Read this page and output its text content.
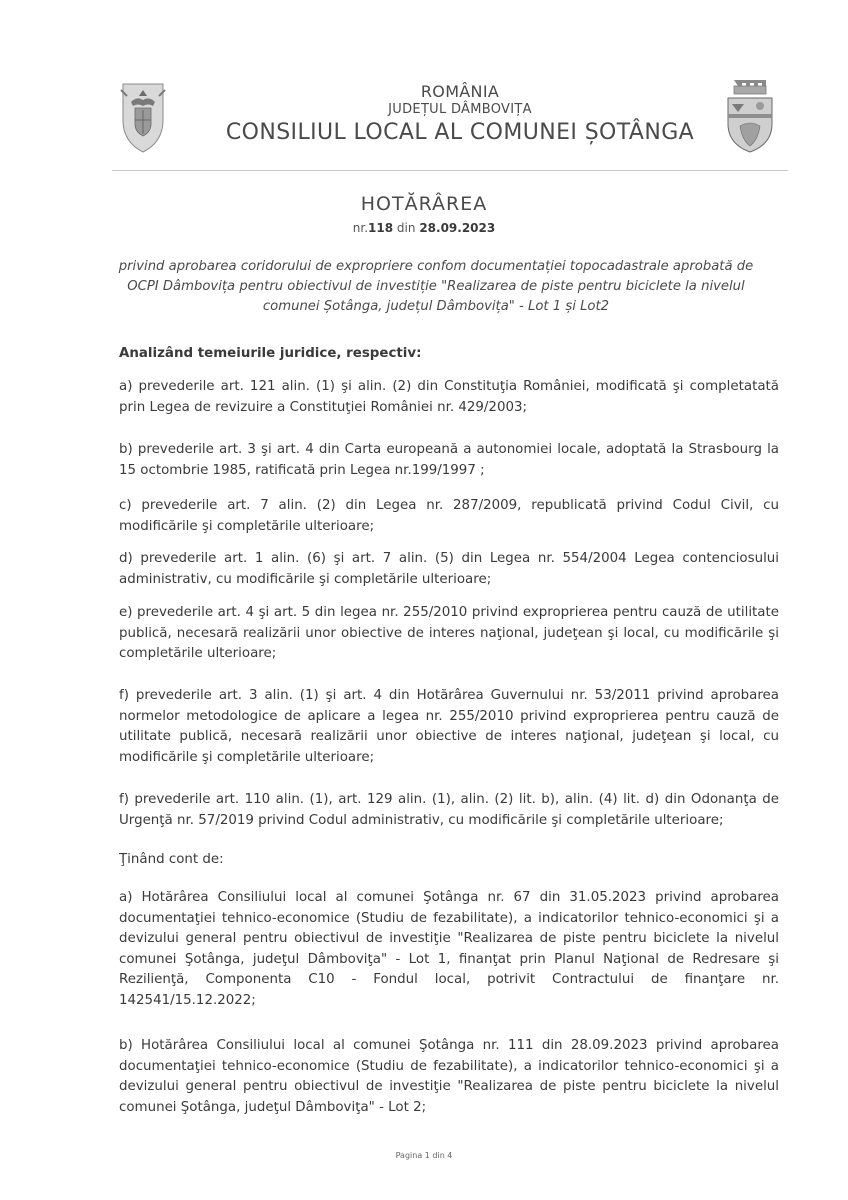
ROMÂNIA
JUDEȚUL DÂMBOVIȚA
CONSILIUL LOCAL AL COMUNEI ȘOTÂNGA
HOTĂRÂREA
nr.118 din 28.09.2023
privind aprobarea coridorului de expropriere confom documentației topocadastrale aprobată de OCPI Dâmbovița pentru obiectivul de investiție "Realizarea de piste pentru biciclete la nivelul comunei Șotânga, județul Dâmbovița" - Lot 1 și Lot2
Analizând temeiurile juridice, respectiv:
a) prevederile art. 121 alin. (1) şi alin. (2) din Constituţia României, modificată şi completatată prin Legea de revizuire a Constituţiei României nr. 429/2003;
b) prevederile art. 3 şi art. 4 din Carta europeană a autonomiei locale, adoptată la Strasbourg la 15 octombrie 1985, ratificată prin Legea nr.199/1997 ;
c) prevederile art. 7 alin. (2) din Legea nr. 287/2009, republicată privind Codul Civil, cu modificările şi completările ulterioare;
d) prevederile art. 1 alin. (6) şi art. 7 alin. (5) din Legea nr. 554/2004 Legea contenciosului administrativ, cu modificările şi completările ulterioare;
e) prevederile art. 4 şi art. 5 din legea nr. 255/2010 privind exproprierea pentru cauză de utilitate publică, necesară realizării unor obiective de interes naţional, judeţean şi local, cu modificările şi completările ulterioare;
f) prevederile art. 3 alin. (1) şi art. 4 din Hotărârea Guvernului nr. 53/2011 privind aprobarea normelor metodologice de aplicare a legea nr. 255/2010 privind exproprierea pentru cauză de utilitate publică, necesară realizării unor obiective de interes naţional, judeţean şi local, cu modificările şi completările ulterioare;
f) prevederile art. 110 alin. (1), art. 129 alin. (1), alin. (2) lit. b), alin. (4) lit. d) din Odonanţa de Urgenţă nr. 57/2019 privind Codul administrativ, cu modificările şi completările ulterioare;
Ţinând cont de:
a) Hotărârea Consiliului local al comunei Şotânga nr. 67 din 31.05.2023 privind aprobarea documentaţiei tehnico-economice (Studiu de fezabilitate), a indicatorilor tehnico-economici şi a devizului general pentru obiectivul de investiţie "Realizarea de piste pentru biciclete la nivelul comunei Şotânga, judeţul Dâmboviţa" - Lot 1, finanţat prin Planul Naţional de Redresare şi Rezilienţă, Componenta C10 - Fondul local, potrivit Contractului de finanţare nr. 142541/15.12.2022;
b) Hotărârea Consiliului local al comunei Şotânga nr. 111 din 28.09.2023 privind aprobarea documentaţiei tehnico-economice (Studiu de fezabilitate), a indicatorilor tehnico-economici şi a devizului general pentru obiectivul de investiţie "Realizarea de piste pentru biciclete la nivelul comunei Şotânga, judeţul Dâmboviţa" - Lot 2;
Pagina 1 din 4
